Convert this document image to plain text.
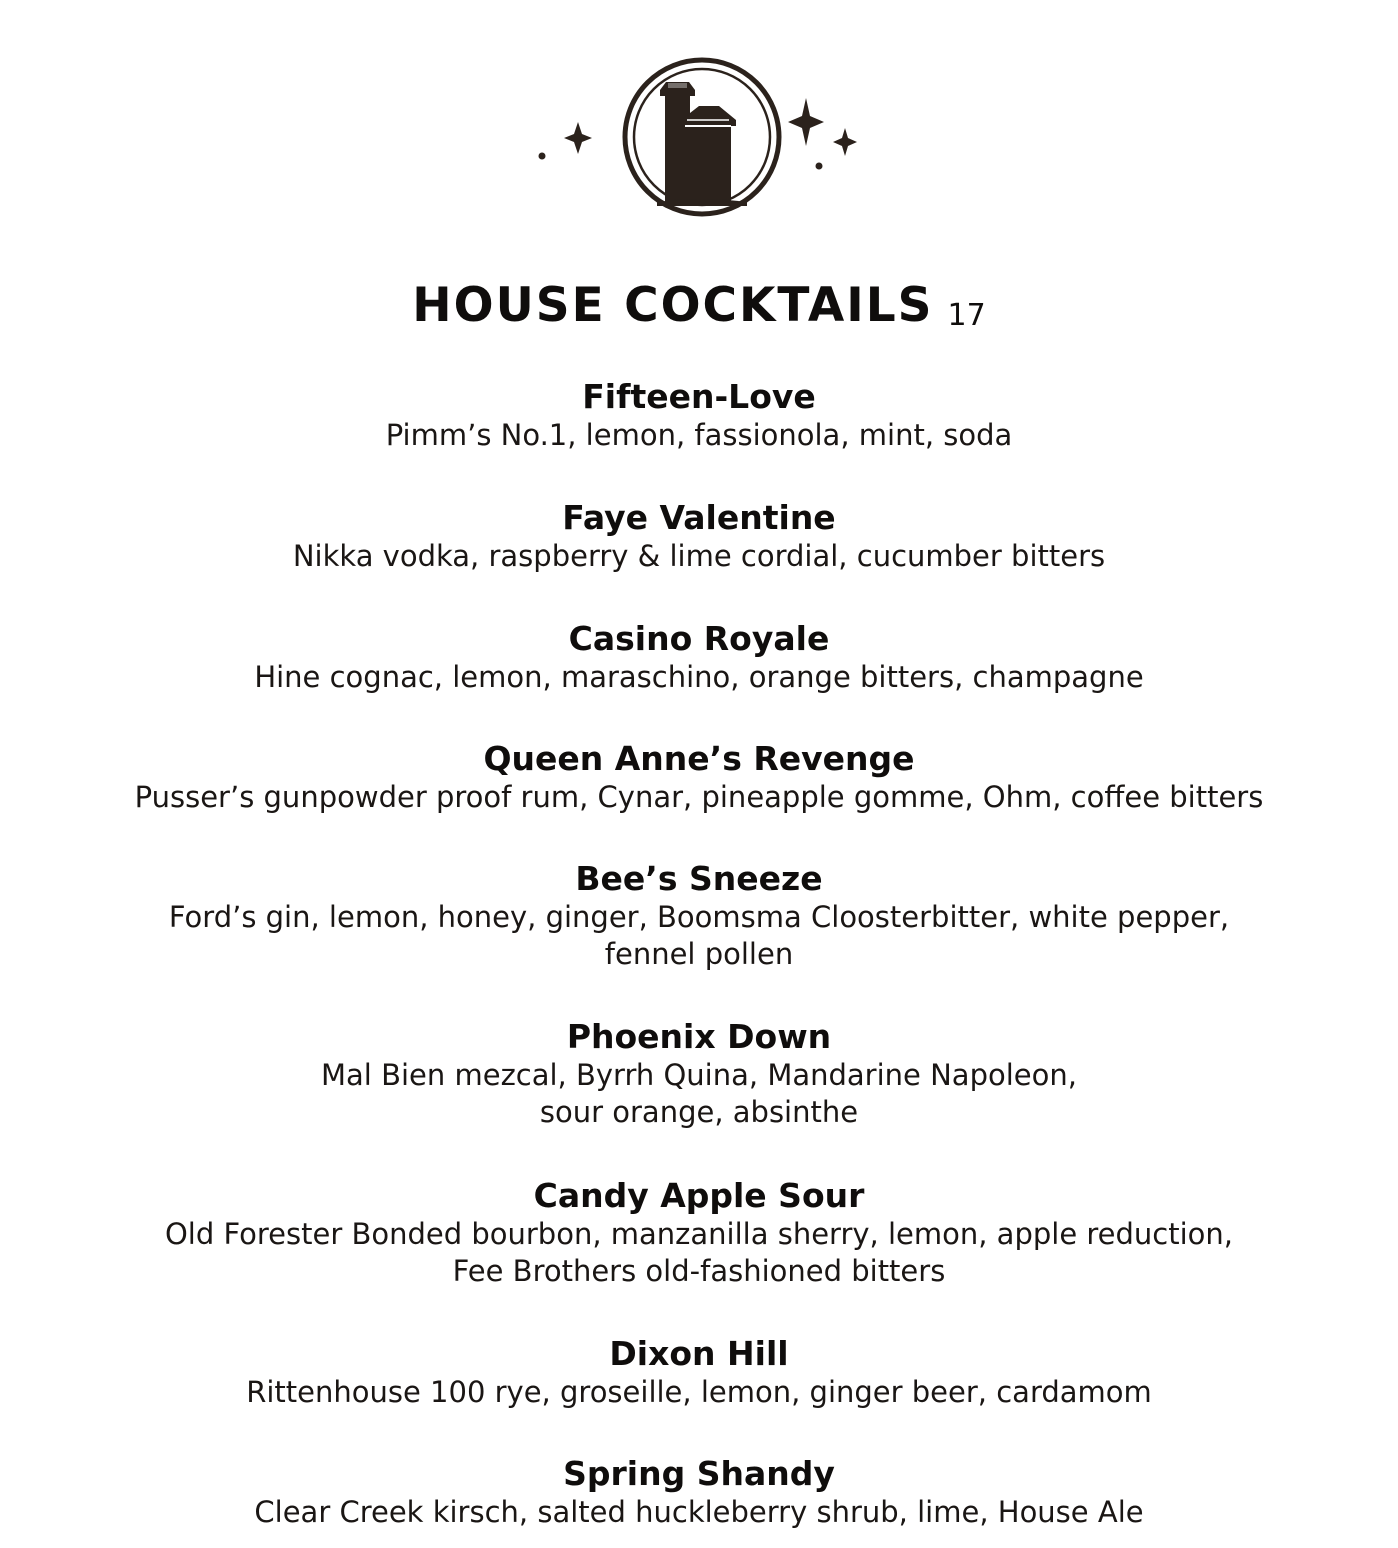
HOUSE COCKTAILS 17
Fifteen-Love
Pimm’s No.1, lemon, fassionola, mint, soda
Faye Valentine
Nikka vodka, raspberry & lime cordial, cucumber bitters
Casino Royale
Hine cognac, lemon, maraschino, orange bitters, champagne
Queen Anne’s Revenge
Pusser’s gunpowder proof rum, Cynar, pineapple gomme, Ohm, coffee bitters
Bee’s Sneeze
Ford’s gin, lemon, honey, ginger, Boomsma Cloosterbitter, white pepper,
fennel pollen
Phoenix Down
Mal Bien mezcal, Byrrh Quina, Mandarine Napoleon,
sour orange, absinthe
Candy Apple Sour
Old Forester Bonded bourbon, manzanilla sherry, lemon, apple reduction,
Fee Brothers old-fashioned bitters
Dixon Hill
Rittenhouse 100 rye, groseille, lemon, ginger beer, cardamom
Spring Shandy
Clear Creek kirsch, salted huckleberry shrub, lime, House Ale
